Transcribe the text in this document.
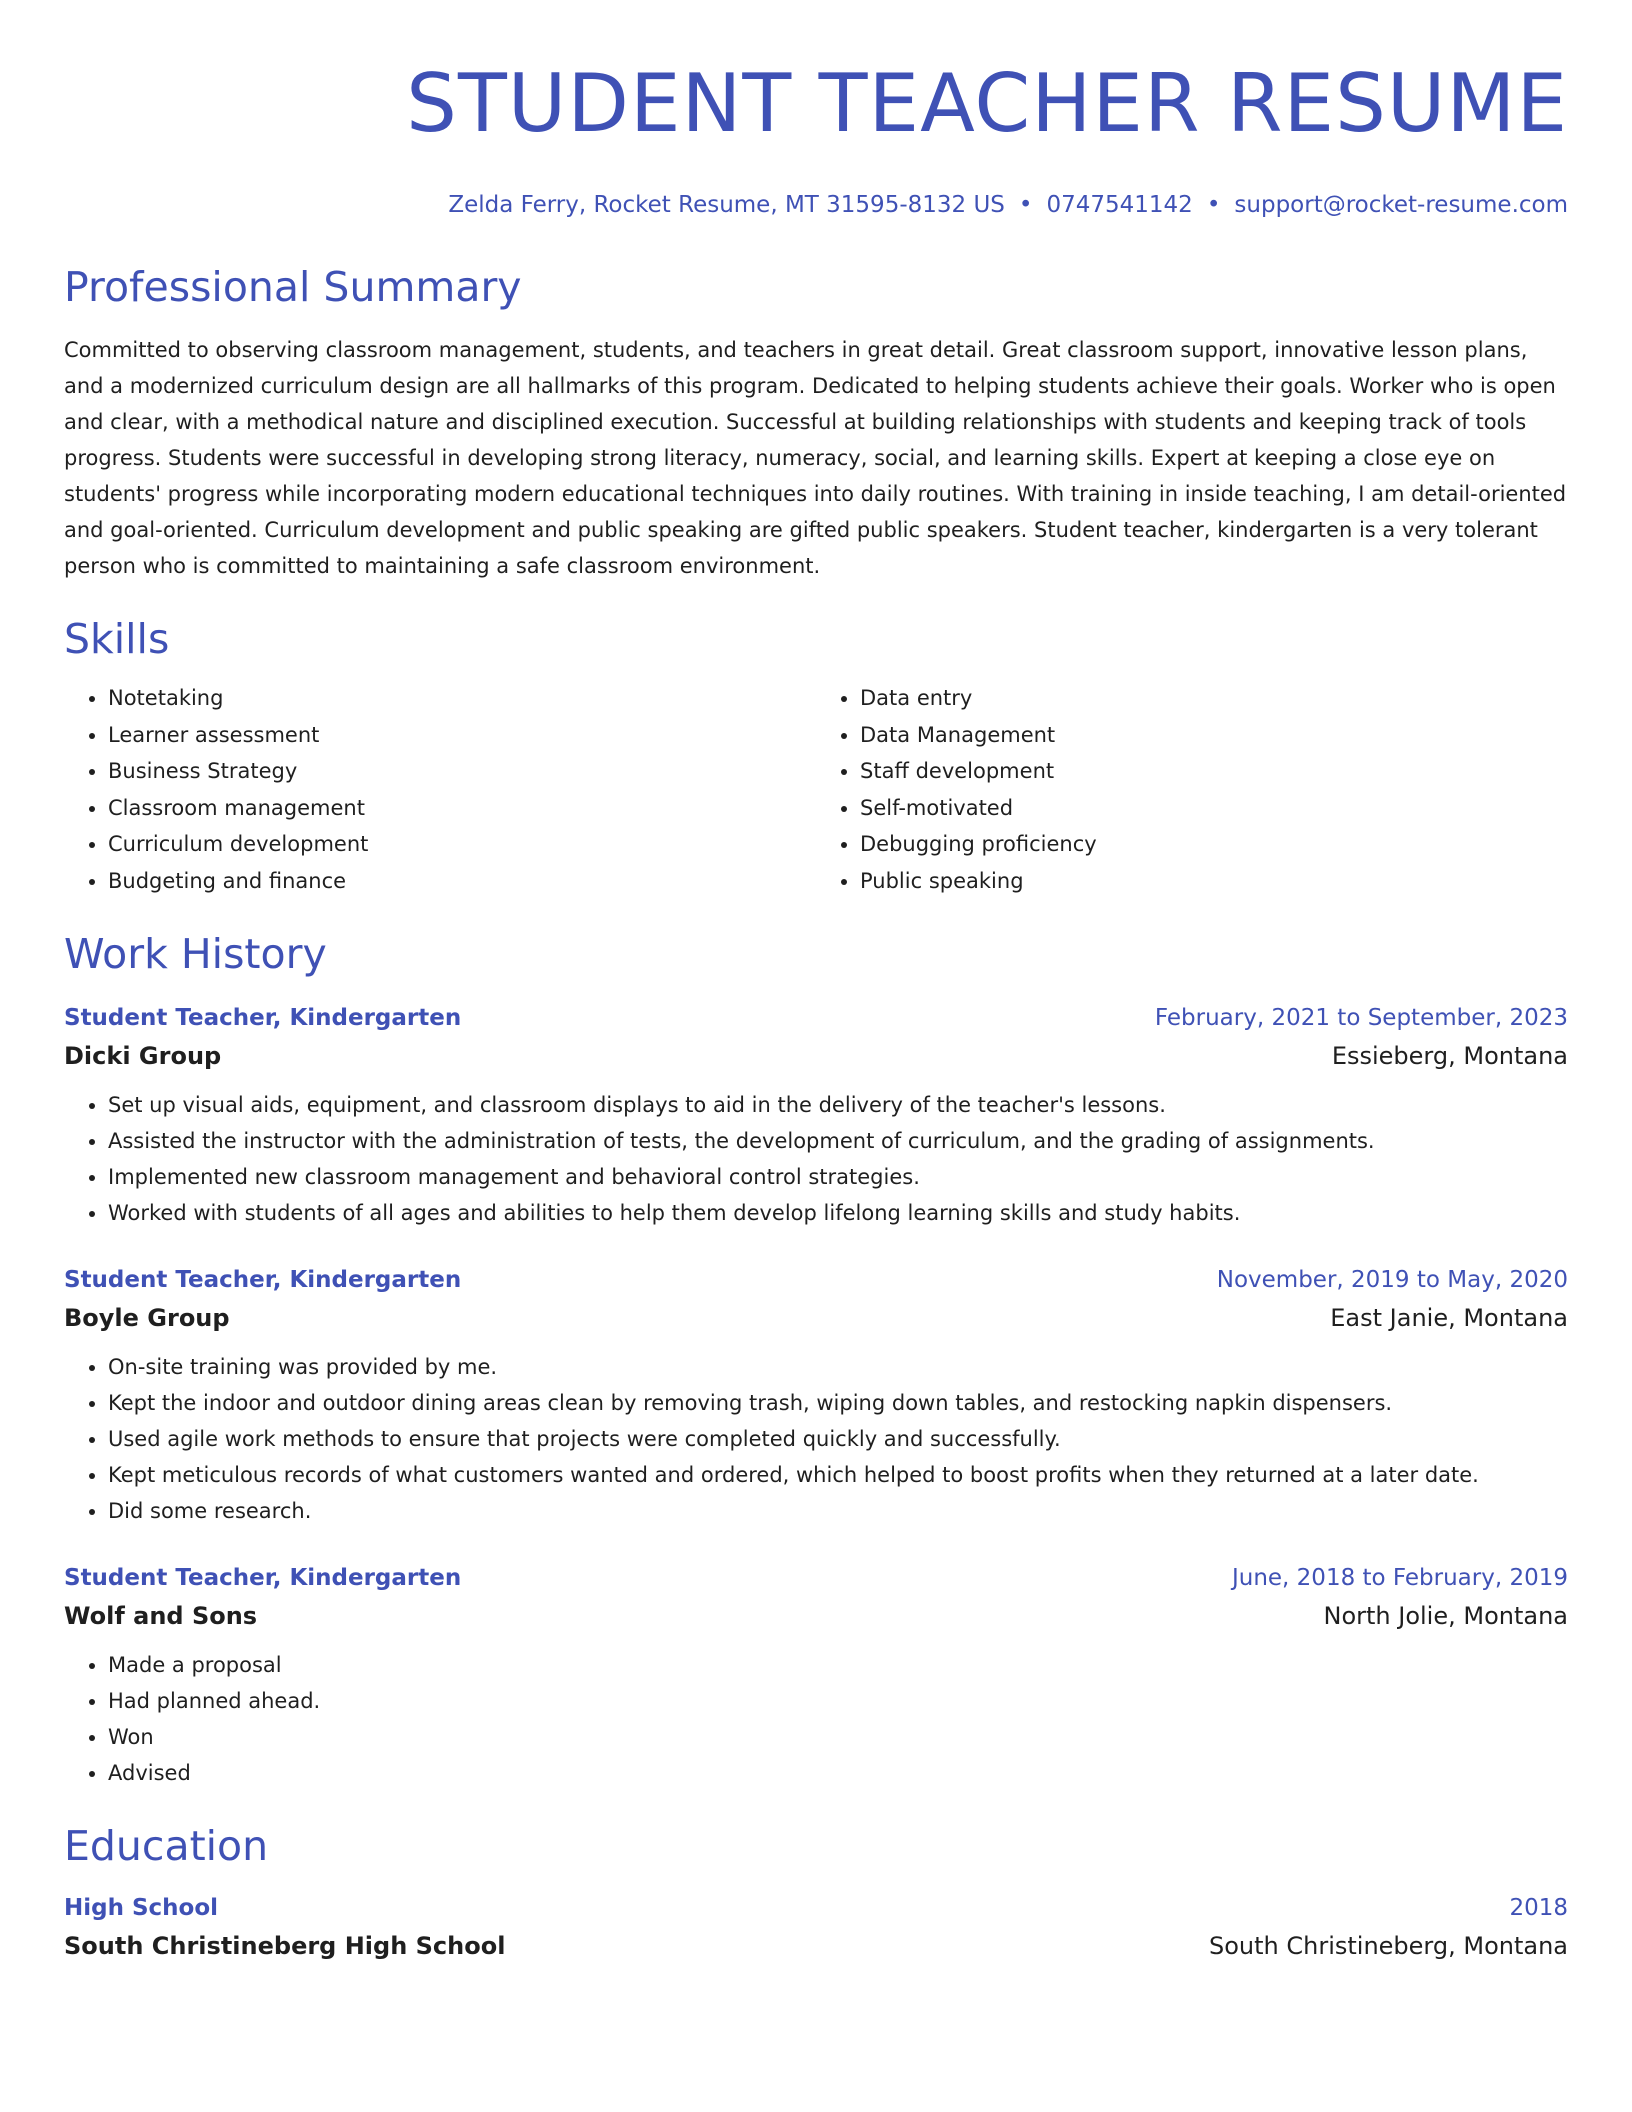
STUDENT TEACHER RESUME
Zelda Ferry, Rocket Resume, MT 31595-8132 US • 0747541142 • support@rocket-resume.com
Professional Summary
Committed to observing classroom management, students, and teachers in great detail. Great classroom support, innovative lesson plans, and a modernized curriculum design are all hallmarks of this program. Dedicated to helping students achieve their goals. Worker who is open and clear, with a methodical nature and disciplined execution. Successful at building relationships with students and keeping track of tools progress. Students were successful in developing strong literacy, numeracy, social, and learning skills. Expert at keeping a close eye on students' progress while incorporating modern educational techniques into daily routines. With training in inside teaching, I am detail-oriented and goal-oriented. Curriculum development and public speaking are gifted public speakers. Student teacher, kindergarten is a very tolerant person who is committed to maintaining a safe classroom environment.
Skills
• Notetaking
• Learner assessment
• Business Strategy
• Classroom management
• Curriculum development
• Budgeting and finance
• Data entry
• Data Management
• Staff development
• Self-motivated
• Debugging proficiency
• Public speaking
Work History
Student Teacher, Kindergarten	February, 2021 to September, 2023
Dicki Group	Essieberg, Montana
• Set up visual aids, equipment, and classroom displays to aid in the delivery of the teacher's lessons.
• Assisted the instructor with the administration of tests, the development of curriculum, and the grading of assignments.
• Implemented new classroom management and behavioral control strategies.
• Worked with students of all ages and abilities to help them develop lifelong learning skills and study habits.
Student Teacher, Kindergarten	November, 2019 to May, 2020
Boyle Group	East Janie, Montana
• On-site training was provided by me.
• Kept the indoor and outdoor dining areas clean by removing trash, wiping down tables, and restocking napkin dispensers.
• Used agile work methods to ensure that projects were completed quickly and successfully.
• Kept meticulous records of what customers wanted and ordered, which helped to boost profits when they returned at a later date.
• Did some research.
Student Teacher, Kindergarten	June, 2018 to February, 2019
Wolf and Sons	North Jolie, Montana
• Made a proposal
• Had planned ahead.
• Won
• Advised
Education
High School	2018
South Christineberg High School	South Christineberg, Montana
